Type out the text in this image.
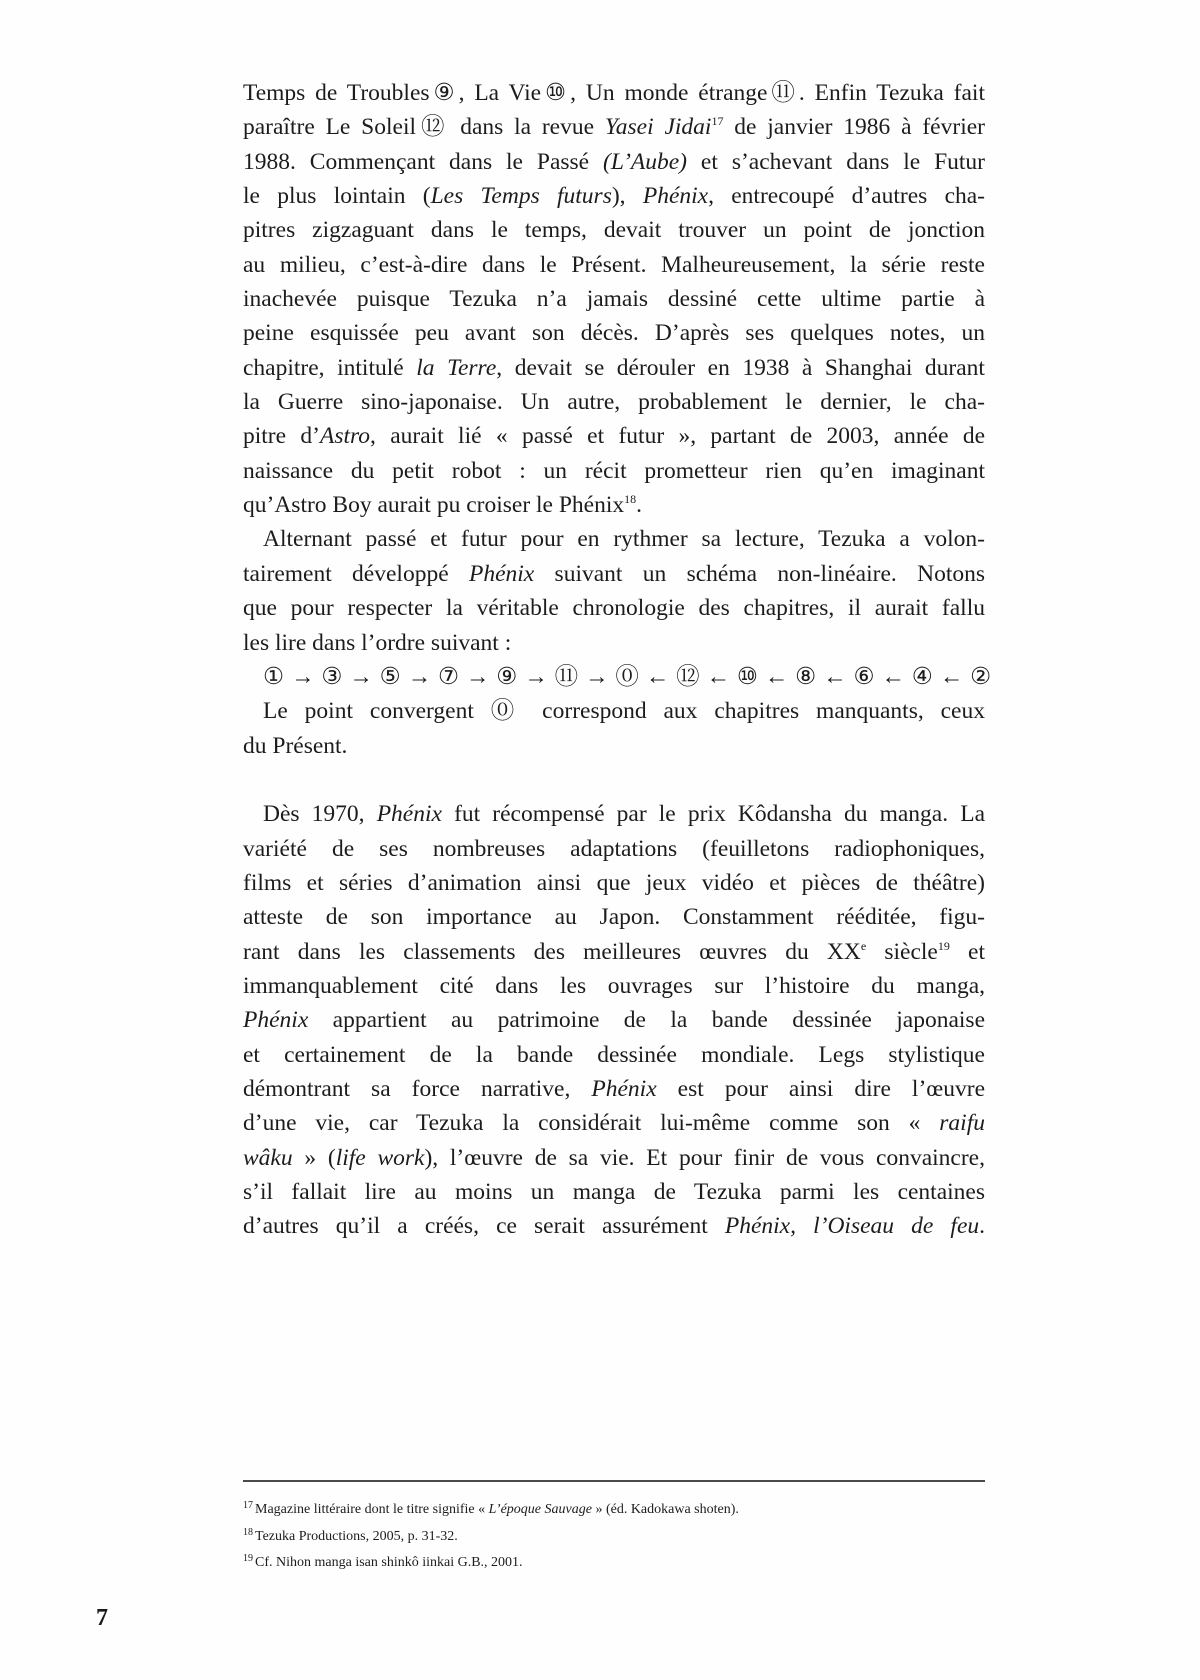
Temps de Troubles⑨, La Vie⑩, Un monde étrange⑪. Enfin Tezuka fait
paraître Le Soleil⑫ dans la revue Yasei Jidai$^{17}$ de janvier 1986 à février
1988. Commençant dans le Passé (L’Aube) et s’achevant dans le Futur
le plus lointain (Les Temps futurs), Phénix, entrecoupé d’autres cha-
pitres zigzaguant dans le temps, devait trouver un point de jonction
au milieu, c’est-à-dire dans le Présent. Malheureusement, la série reste
inachevée puisque Tezuka n’a jamais dessiné cette ultime partie à
peine esquissée peu avant son décès. D’après ses quelques notes, un
chapitre, intitulé la Terre, devait se dérouler en 1938 à Shanghai durant
la Guerre sino-japonaise. Un autre, probablement le dernier, le cha-
pitre d’Astro, aurait lié « passé et futur », partant de 2003, année de
naissance du petit robot : un récit prometteur rien qu’en imaginant
qu’Astro Boy aurait pu croiser le Phénix$^{18}$.
Alternant passé et futur pour en rythmer sa lecture, Tezuka a volon-
tairement développé Phénix suivant un schéma non-linéaire. Notons
que pour respecter la véritable chronologie des chapitres, il aurait fallu
les lire dans l’ordre suivant :
① → ③ → ⑤ → ⑦ → ⑨ → ⑪ → ⓪ ← ⑫ ← ⑩ ← ⑧ ← ⑥ ← ④ ← ②
Le point convergent ⓪ correspond aux chapitres manquants, ceux
du Présent.
Dès 1970, Phénix fut récompensé par le prix Kôdansha du manga. La
variété de ses nombreuses adaptations (feuilletons radiophoniques,
films et séries d’animation ainsi que jeux vidéo et pièces de théâtre)
atteste de son importance au Japon. Constamment rééditée, figu-
rant dans les classements des meilleures œuvres du XXe siècle$^{19}$ et
immanquablement cité dans les ouvrages sur l’histoire du manga,
Phénix appartient au patrimoine de la bande dessinée japonaise
et certainement de la bande dessinée mondiale. Legs stylistique
démontrant sa force narrative, Phénix est pour ainsi dire l’œuvre
d’une vie, car Tezuka la considérait lui-même comme son « raifu
wâku » (life work), l’œuvre de sa vie. Et pour finir de vous convaincre,
s’il fallait lire au moins un manga de Tezuka parmi les centaines
d’autres qu’il a créés, ce serait assurément Phénix, l’Oiseau de feu.
$^{17}$ Magazine littéraire dont le titre signifie « L’époque Sauvage » (éd. Kadokawa shoten).
$^{18}$ Tezuka Productions, 2005, p. 31-32.
$^{19}$ Cf. Nihon manga isan shinkô iinkai G.B., 2001.
7
